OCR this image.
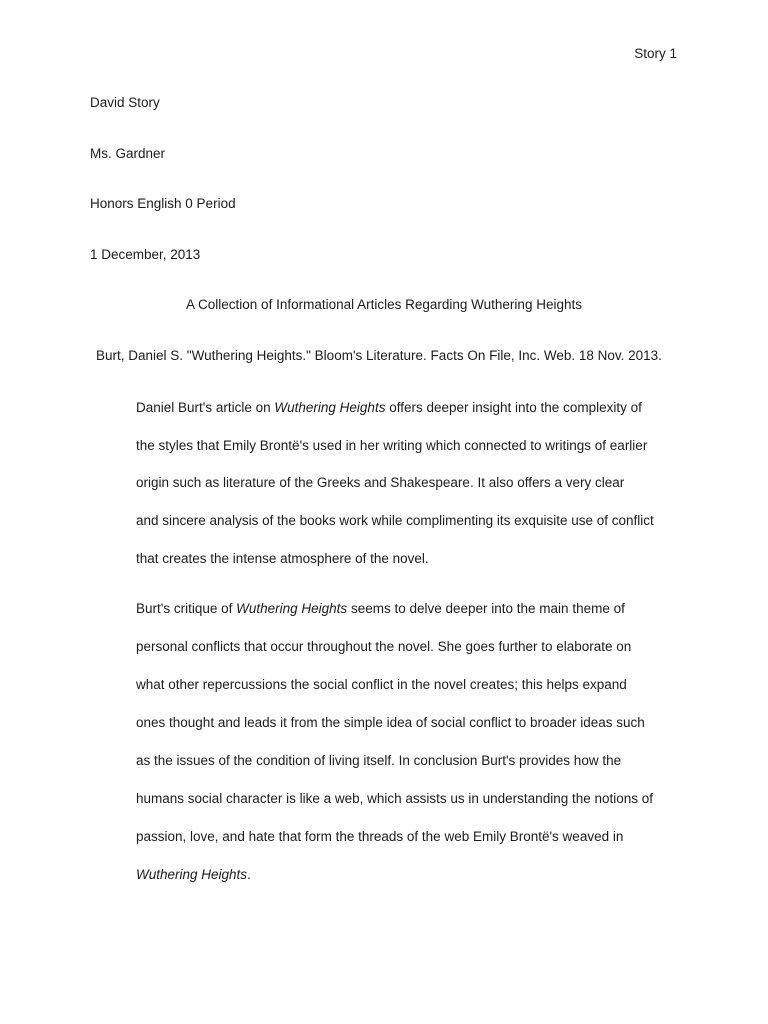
Story 1
David Story
Ms. Gardner
Honors English 0 Period
1 December, 2013
A Collection of Informational Articles Regarding Wuthering Heights
Burt, Daniel S. "Wuthering Heights." Bloom's Literature. Facts On File, Inc. Web. 18 Nov. 2013.
Daniel Burt's article on Wuthering Heights offers deeper insight into the complexity of
the styles that Emily Brontë's used in her writing which connected to writings of earlier
origin such as literature of the Greeks and Shakespeare. It also offers a very clear
and sincere analysis of the books work while complimenting its exquisite use of conflict
that creates the intense atmosphere of the novel.
Burt's critique of Wuthering Heights seems to delve deeper into the main theme of
personal conflicts that occur throughout the novel. She goes further to elaborate on
what other repercussions the social conflict in the novel creates; this helps expand
ones thought and leads it from the simple idea of social conflict to broader ideas such
as the issues of the condition of living itself. In conclusion Burt's provides how the
humans social character is like a web, which assists us in understanding the notions of
passion, love, and hate that form the threads of the web Emily Brontë's weaved in
Wuthering Heights.
